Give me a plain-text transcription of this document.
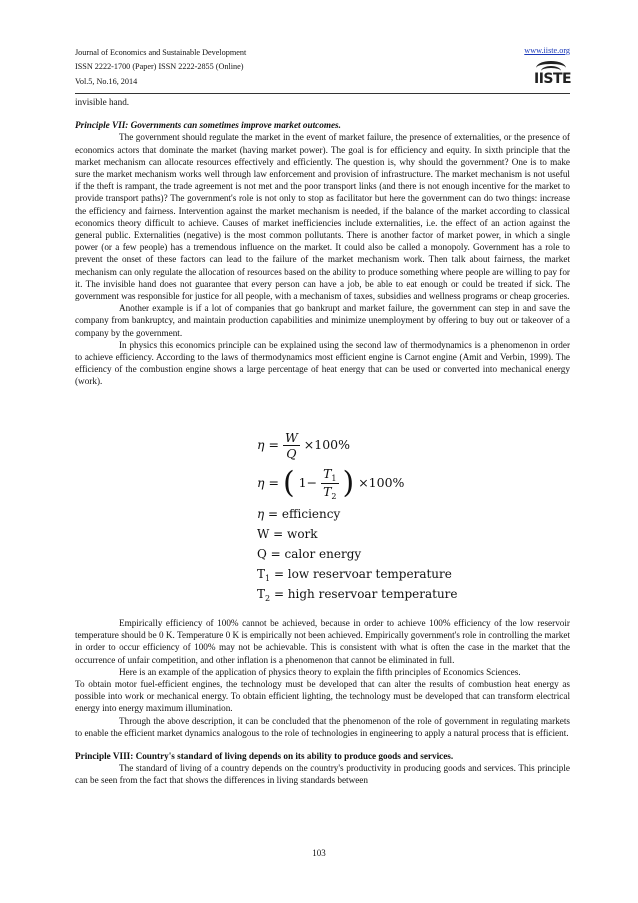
Journal of Economics and Sustainable Development
ISSN 2222-1700 (Paper) ISSN 2222-2855 (Online)
Vol.5, No.16, 2014
www.iiste.org
IISTE

invisible hand.

Principle VII: Governments can sometimes improve market outcomes.

The government should regulate the market in the event of market failure, the presence of externalities, or the presence of economics actors that dominate the market (having market power). The goal is for efficiency and equity. In sixth principle that the market mechanism can allocate resources effectively and efficiently. The question is, why should the government? One is to make sure the market mechanism works well through law enforcement and provision of infrastructure. The market mechanism is not useful if the theft is rampant, the trade agreement is not met and the poor transport links (and there is not enough incentive for the market to provide transport paths)? The government's role is not only to stop as facilitator but here the government can do two things: increase the efficiency and fairness. Intervention against the market mechanism is needed, if the balance of the market according to classical economics theory difficult to achieve. Causes of market inefficiencies include externalities, i.e. the effect of an action against the general public. Externalities (negative) is the most common pollutants. There is another factor of market power, in which a single power (or a few people) has a tremendous influence on the market. It could also be called a monopoly. Government has a role to prevent the onset of these factors can lead to the failure of the market mechanism work. Then talk about fairness, the market mechanism can only regulate the allocation of resources based on the ability to produce something where people are willing to pay for it. The invisible hand does not guarantee that every person can have a job, be able to eat enough or could be treated if sick. The government was responsible for justice for all people, with a mechanism of taxes, subsidies and wellness programs or cheap groceries.

Another example is if a lot of companies that go bankrupt and market failure, the government can step in and save the company from bankruptcy, and maintain production capabilities and minimize unemployment by offering to buy out or takeover of a company by the government.

In physics this economics principle can be explained using the second law of thermodynamics is a phenomenon in order to achieve efficiency. According to the laws of thermodynamics most efficient engine is Carnot engine (Amit and Verbin, 1999). The efficiency of the combustion engine shows a large percentage of heat energy that can be used or converted into mechanical energy (work).

$\eta = \frac{W}{Q} \times 100\%$
η = ( $1- \frac{T_1}{T_2}$ ) ×100%
η = efficiency
W = work
Q = calor energy
$T_1$ = low reservoar temperature
$T_2$ = high reservoar temperature

Empirically efficiency of 100% cannot be achieved, because in order to achieve 100% efficiency of the low reservoir temperature should be 0 K. Temperature 0 K is empirically not been achieved. Empirically government's role in controlling the market in order to occur efficiency of 100% may not be achievable. This is consistent with what is often the case in the market that the occurrence of unfair competition, and other inflation is a phenomenon that cannot be eliminated in full.

Here is an example of the application of physics theory to explain the fifth principles of Economics Sciences.

To obtain motor fuel-efficient engines, the technology must be developed that can alter the results of combustion heat energy as possible into work or mechanical energy. To obtain efficient lighting, the technology must be developed that can transform electrical energy into energy maximum illumination.

Through the above description, it can be concluded that the phenomenon of the role of government in regulating markets to enable the efficient market dynamics analogous to the role of technologies in engineering to apply a natural process that is efficient.

Principle VIII: Country's standard of living depends on its ability to produce goods and services.

The standard of living of a country depends on the country's productivity in producing goods and services. This principle can be seen from the fact that shows the differences in living standards between

103
